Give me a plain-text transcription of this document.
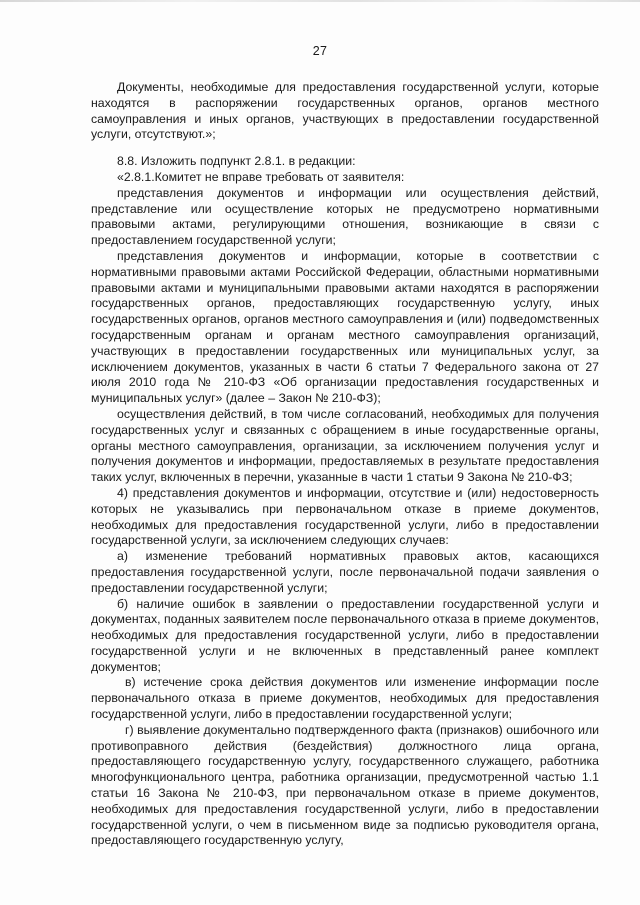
27

Документы, необходимые для предоставления государственной услуги, которые находятся в распоряжении государственных органов, органов местного самоуправления и иных органов, участвующих в предоставлении государственной услуги, отсутствуют.»;

8.8. Изложить подпункт 2.8.1. в редакции:

«2.8.1.Комитет не вправе требовать от заявителя:

представления документов и информации или осуществления действий, представление или осуществление которых не предусмотрено нормативными правовыми актами, регулирующими отношения, возникающие в связи с предоставлением государственной услуги;

представления документов и информации, которые в соответствии с нормативными правовыми актами Российской Федерации, областными нормативными правовыми актами и муниципальными правовыми актами находятся в распоряжении государственных органов, предоставляющих государственную услугу, иных государственных органов, органов местного самоуправления и (или) подведомственных государственным органам и органам местного самоуправления организаций, участвующих в предоставлении государственных или муниципальных услуг, за исключением документов, указанных в части 6 статьи 7 Федерального закона от 27 июля 2010 года № 210-ФЗ «Об организации предоставления государственных и муниципальных услуг» (далее – Закон № 210-ФЗ);

осуществления действий, в том числе согласований, необходимых для получения государственных услуг и связанных с обращением в иные государственные органы, органы местного самоуправления, организации, за исключением получения услуг и получения документов и информации, предоставляемых в результате предоставления таких услуг, включенных в перечни, указанные в части 1 статьи 9 Закона № 210-ФЗ;

4) представления документов и информации, отсутствие и (или) недостоверность которых не указывались при первоначальном отказе в приеме документов, необходимых для предоставления государственной услуги, либо в предоставлении государственной услуги, за исключением следующих случаев:

а) изменение требований нормативных правовых актов, касающихся предоставления государственной услуги, после первоначальной подачи заявления о предоставлении государственной услуги;

б) наличие ошибок в заявлении о предоставлении государственной услуги и документах, поданных заявителем после первоначального отказа в приеме документов, необходимых для предоставления государственной услуги, либо в предоставлении государственной услуги и не включенных в представленный ранее комплект документов;

в) истечение срока действия документов или изменение информации после первоначального отказа в приеме документов, необходимых для предоставления государственной услуги, либо в предоставлении государственной услуги;

г) выявление документально подтвержденного факта (признаков) ошибочного или противоправного действия (бездействия) должностного лица органа, предоставляющего государственную услугу, государственного служащего, работника многофункционального центра, работника организации, предусмотренной частью 1.1 статьи 16 Закона № 210-ФЗ, при первоначальном отказе в приеме документов, необходимых для предоставления государственной услуги, либо в предоставлении государственной услуги, о чем в письменном виде за подписью руководителя органа, предоставляющего государственную услугу,
